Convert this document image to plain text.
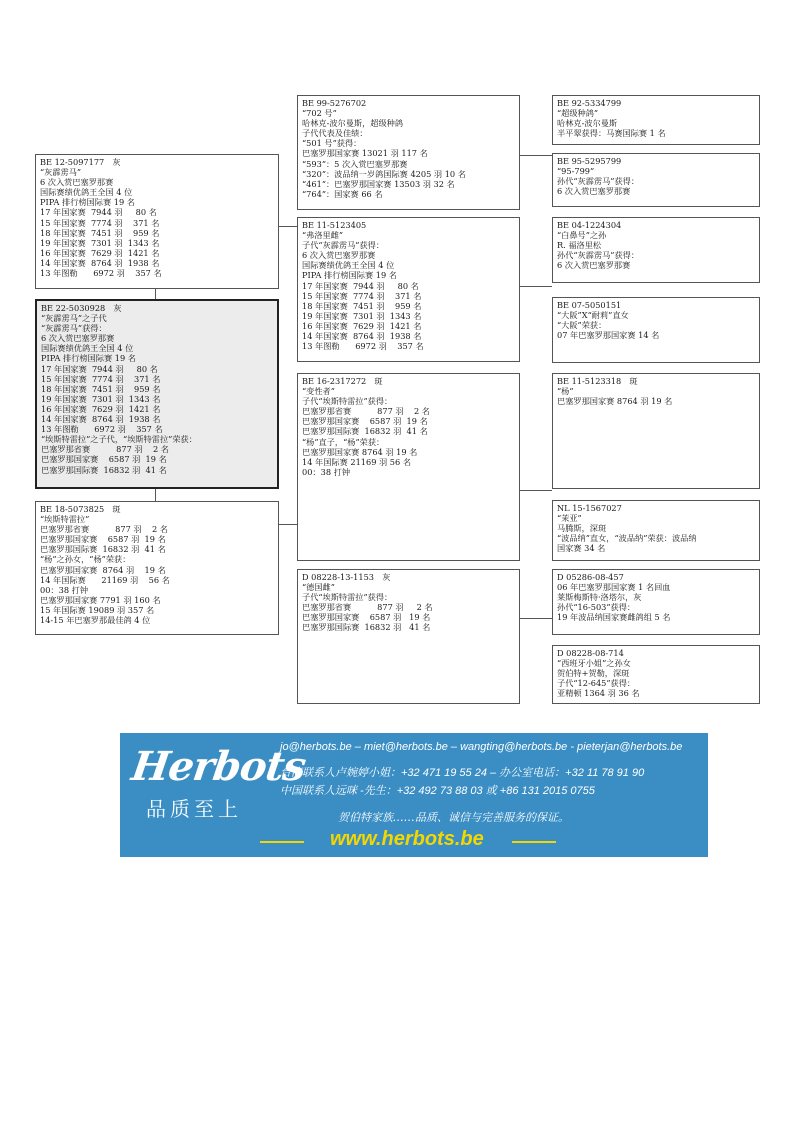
BE 12-5097177　灰
“灰霹雳马”
6 次入赏巴塞罗那赛
国际赛绩优鸽王全国 4 位
PIPA 排行榜国际赛 19 名
17 年国家赛  7944 羽     80 名
15 年国家赛  7774 羽    371 名
18 年国家赛  7451 羽    959 名
19 年国家赛  7301 羽  1343 名
16 年国家赛  7629 羽  1421 名
14 年国家赛  8764 羽  1938 名
13 年图勒      6972 羽    357 名
BE 22-5030928　灰
“灰霹雳马”之子代
“灰霹雳马”获得：
6 次入赏巴塞罗那赛
国际赛绩优鸽王全国 4 位
PIPA 排行榜国际赛 19 名
17 年国家赛  7944 羽     80 名
15 年国家赛  7774 羽    371 名
18 年国家赛  7451 羽    959 名
19 年国家赛  7301 羽  1343 名
16 年国家赛  7629 羽  1421 名
14 年国家赛  8764 羽  1938 名
13 年图勒      6972 羽    357 名
“埃斯特雷拉”之子代，“埃斯特雷拉”荣获：
巴塞罗那省赛          877 羽    2 名
巴塞罗那国家赛    6587 羽  19 名
巴塞罗那国际赛  16832 羽  41 名
BE 18-5073825　斑
“埃斯特雷拉”
巴塞罗那省赛          877 羽    2 名
巴塞罗那国家赛    6587 羽  19 名
巴塞罗那国际赛  16832 羽  41 名
“杨”之孙女，“杨”荣获：
巴塞罗那国家赛  8764 羽    19 名
14 年国际赛      21169 羽    56 名
00：38 打钟
巴塞罗那国家赛 7791 羽 160 名
15 年国际赛 19089 羽 357 名
14-15 年巴塞罗那最佳鸽 4 位
BE 99-5276702
“702 号”
哈林克-波尔曼斯，超级种鸽
子代代表及佳绩：
“501 号”获得：
巴塞罗那国家赛 13021 羽 117 名
“593”：5 次入赏巴塞罗那赛
“320”：波品纳一岁鸽国际赛 4205 羽 10 名
“461”：巴塞罗那国家赛 13503 羽 32 名
“764”：国家赛 66 名
BE 11-5123405
“弗洛里雌”
子代“灰霹雳马”获得：
6 次入赏巴塞罗那赛
国际赛绩优鸽王全国 4 位
PIPA 排行榜国际赛 19 名
17 年国家赛  7944 羽     80 名
15 年国家赛  7774 羽    371 名
18 年国家赛  7451 羽    959 名
19 年国家赛  7301 羽  1343 名
16 年国家赛  7629 羽  1421 名
14 年国家赛  8764 羽  1938 名
13 年图勒      6972 羽    357 名
BE 16-2317272　斑
“变性者”
子代“埃斯特雷拉”获得：
巴塞罗那省赛          877 羽    2 名
巴塞罗那国家赛    6587 羽  19 名
巴塞罗那国际赛  16832 羽  41 名
“杨”直子，“杨”荣获：
巴塞罗那国家赛 8764 羽 19 名
14 年国际赛 21169 羽 56 名
00：38 打钟
D 08228-13-1153　灰
“德国雌”
子代“埃斯特雷拉”获得：
巴塞罗那省赛          877 羽     2 名
巴塞罗那国家赛    6587 羽   19 名
巴塞罗那国际赛  16832 羽   41 名
BE 92-5334799
“超级种鸽”
哈林克-波尔曼斯
半平翠获得：马赛国际赛 1 名
BE 95-5295799
“95-799”
孙代“灰霹雳马”获得：
6 次入赏巴塞罗那赛
BE 04-1224304
“白鼻号”之孙
R. 福洛里松
孙代“灰霹雳马”获得：
6 次入赏巴塞罗那赛
BE 07-5050151
“大阪”X“耐莉”直女
“大阪”荣获：
07 年巴塞罗那国家赛 14 名
BE 11-5123318　斑
“杨”
巴塞罗那国家赛 8764 羽 19 名
NL 15-1567027
“茉亚”
马腾斯，深斑
“波品纳”直女，“波品纳”荣获：波品纳
国家赛 34 名
D 05286-08-457
06 年巴塞罗那国家赛 1 名回血
莱斯梅斯特·洛塔尔，灰
孙代“16-503”获得：
19 年波品纳国家赛雌鸽组 5 名
D 08228-08-714
“西班牙小姐”之孙女
贺伯特+贺勒，深斑
子代“12-645”获得：
亚精顿 1364 羽 36 名
Herbots
品质至上
jo@herbots.be – miet@herbots.be – wangting@herbots.be - pieterjan@herbots.be
台湾联系人卢婉婷小姐：+32 471 19 55 24 – 办公室电话：+32 11 78 91 90
中国联系人远咪 -先生：+32 492 73 88 03 或 +86 131 2015 0755
贺伯特家族……品质、诚信与完善服务的保证。
www.herbots.be
